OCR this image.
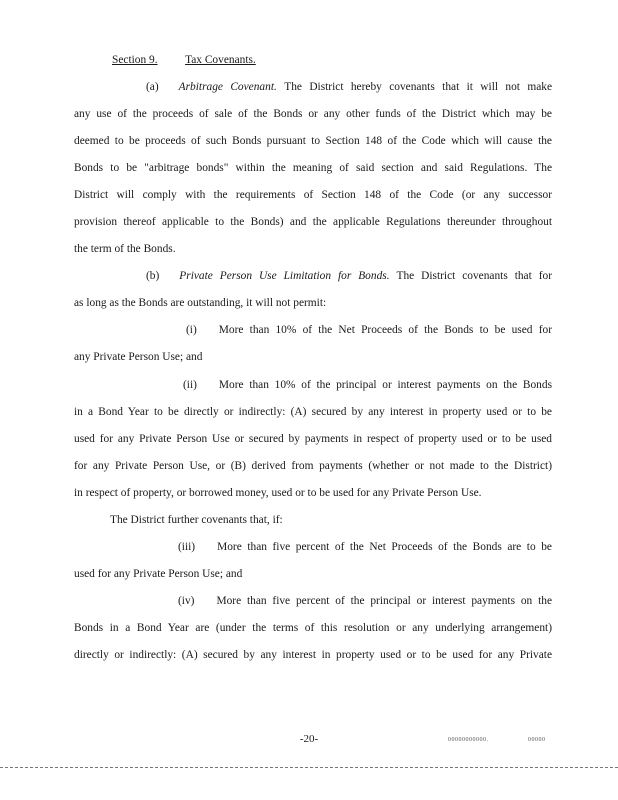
Section 9. Tax Covenants.
(a) Arbitrage Covenant. The District hereby covenants that it will not make
any use of the proceeds of sale of the Bonds or any other funds of the District which may be
deemed to be proceeds of such Bonds pursuant to Section 148 of the Code which will cause the
Bonds to be "arbitrage bonds" within the meaning of said section and said Regulations. The
District will comply with the requirements of Section 148 of the Code (or any successor
provision thereof applicable to the Bonds) and the applicable Regulations thereunder throughout
the term of the Bonds.
(b) Private Person Use Limitation for Bonds. The District covenants that for
as long as the Bonds are outstanding, it will not permit:
(i) More than 10% of the Net Proceeds of the Bonds to be used for
any Private Person Use; and
(ii) More than 10% of the principal or interest payments on the Bonds
in a Bond Year to be directly or indirectly: (A) secured by any interest in property used or to be
used for any Private Person Use or secured by payments in respect of property used or to be used
for any Private Person Use, or (B) derived from payments (whether or not made to the District)
in respect of property, or borrowed money, used or to be used for any Private Person Use.
The District further covenants that, if:
(iii) More than five percent of the Net Proceeds of the Bonds are to be
used for any Private Person Use; and
(iv) More than five percent of the principal or interest payments on the
Bonds in a Bond Year are (under the terms of this resolution or any underlying arrangement)
directly or indirectly: (A) secured by any interest in property used or to be used for any Private
-20-	00000000000.	00000
